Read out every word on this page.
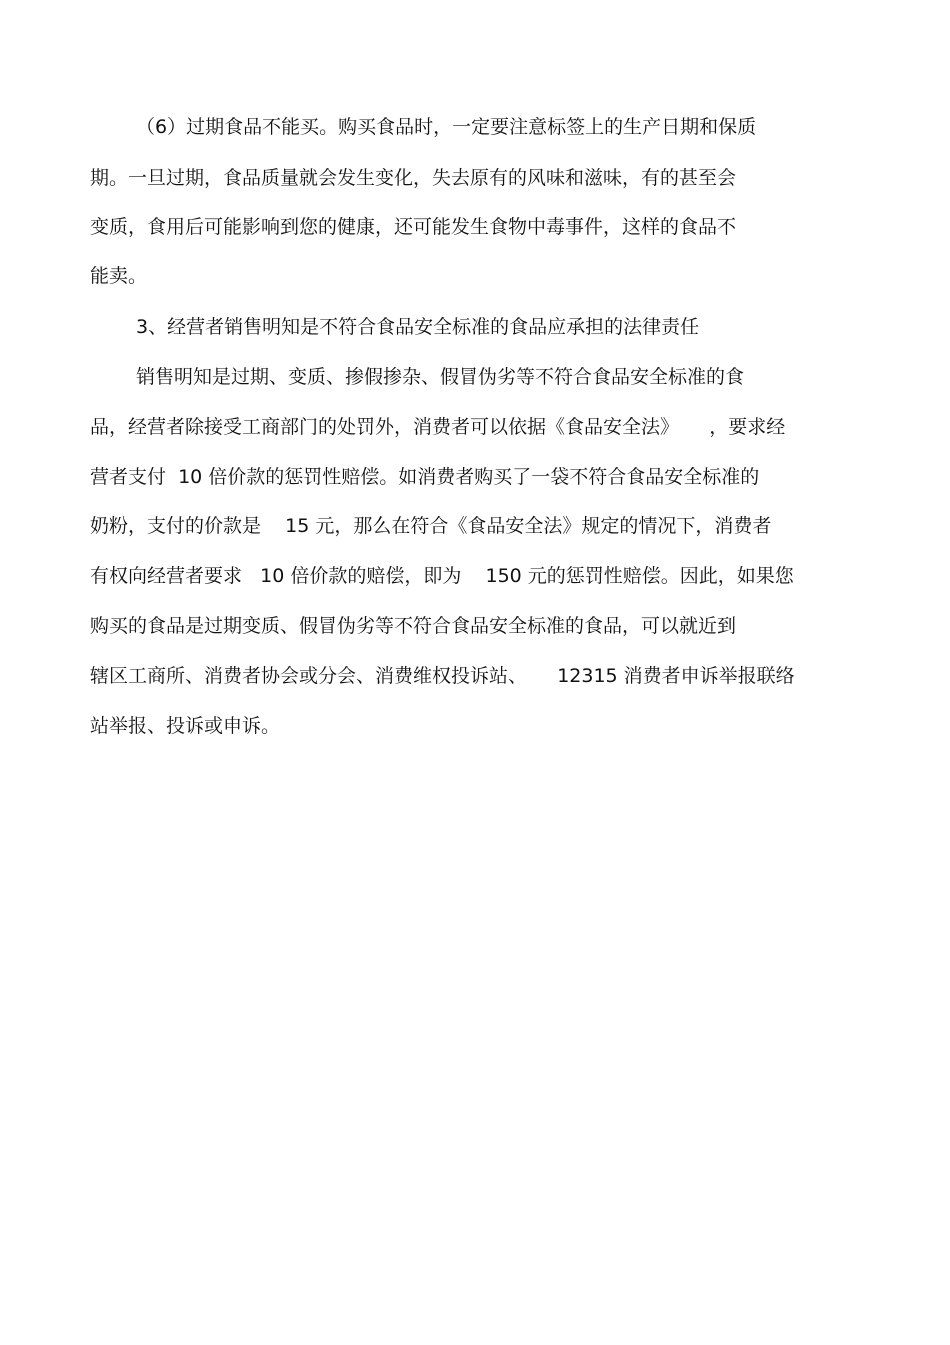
（6）过期食品不能买。购买食品时，一定要注意标签上的生产日期和保质
期。一旦过期，食品质量就会发生变化，失去原有的风味和滋味，有的甚至会
变质，食用后可能影响到您的健康，还可能发生食物中毒事件，这样的食品不
能卖。
3、经营者销售明知是不符合食品安全标准的食品应承担的法律责任
销售明知是过期、变质、掺假掺杂、假冒伪劣等不符合食品安全标准的食
品，经营者除接受工商部门的处罚外，消费者可以依据《食品安全法》     ，要求经
营者支付  10 倍价款的惩罚性赔偿。如消费者购买了一袋不符合食品安全标准的
奶粉，支付的价款是    15 元，那么在符合《食品安全法》规定的情况下，消费者
有权向经营者要求   10 倍价款的赔偿，即为    150 元的惩罚性赔偿。因此，如果您
购买的食品是过期变质、假冒伪劣等不符合食品安全标准的食品，可以就近到
辖区工商所、消费者协会或分会、消费维权投诉站、     12315 消费者申诉举报联络
站举报、投诉或申诉。
